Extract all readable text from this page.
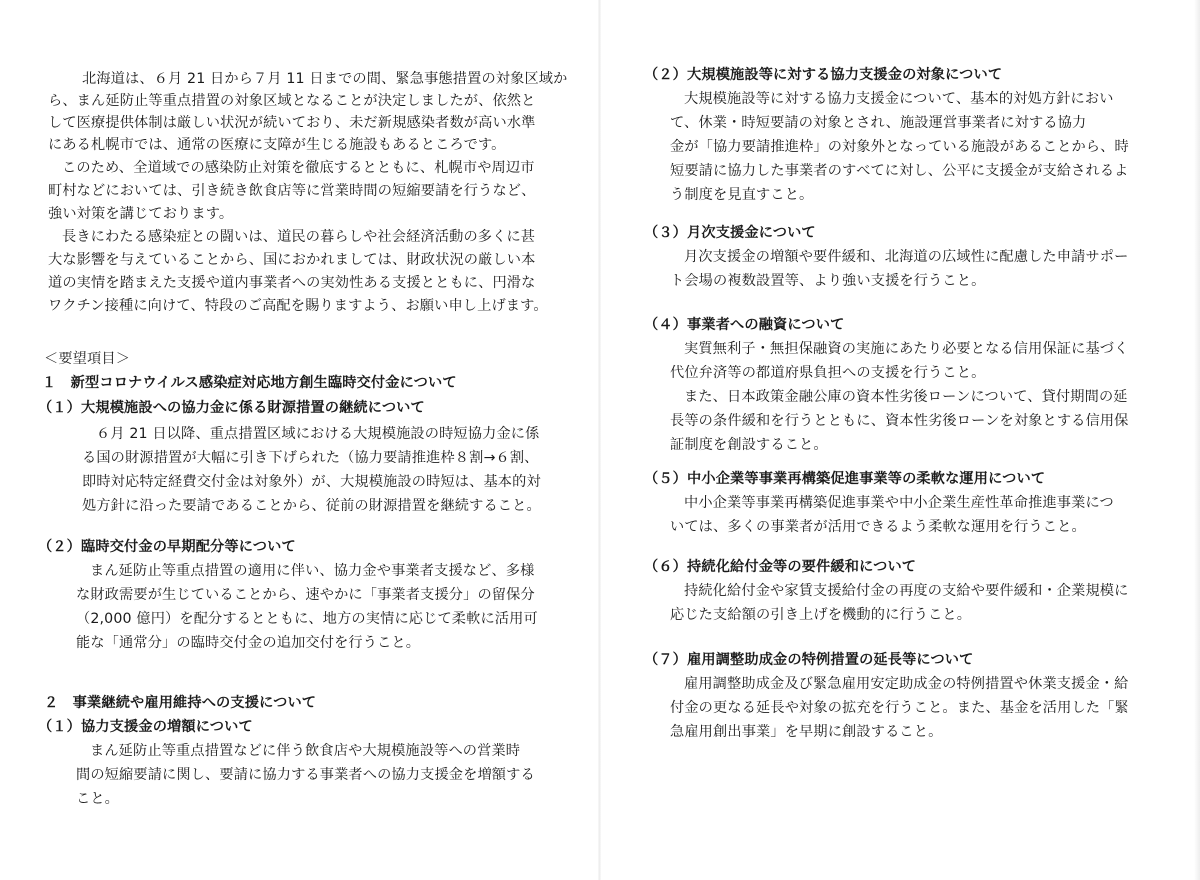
北海道は、６月 21 日から７月 11 日までの間、緊急事態措置の対象区域か
ら、まん延防止等重点措置の対象区域となることが決定しましたが、依然と
して医療提供体制は厳しい状況が続いており、未だ新規感染者数が高い水準
にある札幌市では、通常の医療に支障が生じる施設もあるところです。
このため、全道域での感染防止対策を徹底するとともに、札幌市や周辺市
町村などにおいては、引き続き飲食店等に営業時間の短縮要請を行うなど、
強い対策を講じております。
長きにわたる感染症との闘いは、道民の暮らしや社会経済活動の多くに甚
大な影響を与えていることから、国におかれましては、財政状況の厳しい本
道の実情を踏まえた支援や道内事業者への実効性ある支援とともに、円滑な
ワクチン接種に向けて、特段のご高配を賜りますよう、お願い申し上げます。
＜要望項目＞
１　新型コロナウイルス感染症対応地方創生臨時交付金について
（１）大規模施設への協力金に係る財源措置の継続について
６月 21 日以降、重点措置区域における大規模施設の時短協力金に係
る国の財源措置が大幅に引き下げられた（協力要請推進枠８割→６割、
即時対応特定経費交付金は対象外）が、大規模施設の時短は、基本的対
処方針に沿った要請であることから、従前の財源措置を継続すること。
（２）臨時交付金の早期配分等について
まん延防止等重点措置の適用に伴い、協力金や事業者支援など、多様
な財政需要が生じていることから、速やかに「事業者支援分」の留保分
（2,000 億円）を配分するとともに、地方の実情に応じて柔軟に活用可
能な「通常分」の臨時交付金の追加交付を行うこと。
２　事業継続や雇用維持への支援について
（１）協力支援金の増額について
まん延防止等重点措置などに伴う飲食店や大規模施設等への営業時
間の短縮要請に関し、要請に協力する事業者への協力支援金を増額する
こと。
（２）大規模施設等に対する協力支援金の対象について
大規模施設等に対する協力支援金について、基本的対処方針におい
て、休業・時短要請の対象とされ、施設運営事業者に対する協力
金が「協力要請推進枠」の対象外となっている施設があることから、時
短要請に協力した事業者のすべてに対し、公平に支援金が支給されるよ
う制度を見直すこと。
（３）月次支援金について
月次支援金の増額や要件緩和、北海道の広域性に配慮した申請サポー
ト会場の複数設置等、より強い支援を行うこと。
（４）事業者への融資について
実質無利子・無担保融資の実施にあたり必要となる信用保証に基づく
代位弁済等の都道府県負担への支援を行うこと。
また、日本政策金融公庫の資本性劣後ローンについて、貸付期間の延
長等の条件緩和を行うとともに、資本性劣後ローンを対象とする信用保
証制度を創設すること。
（５）中小企業等事業再構築促進事業等の柔軟な運用について
中小企業等事業再構築促進事業や中小企業生産性革命推進事業につ
いては、多くの事業者が活用できるよう柔軟な運用を行うこと。
（６）持続化給付金等の要件緩和について
持続化給付金や家賃支援給付金の再度の支給や要件緩和・企業規模に
応じた支給額の引き上げを機動的に行うこと。
（７）雇用調整助成金の特例措置の延長等について
雇用調整助成金及び緊急雇用安定助成金の特例措置や休業支援金・給
付金の更なる延長や対象の拡充を行うこと。また、基金を活用した「緊
急雇用創出事業」を早期に創設すること。
